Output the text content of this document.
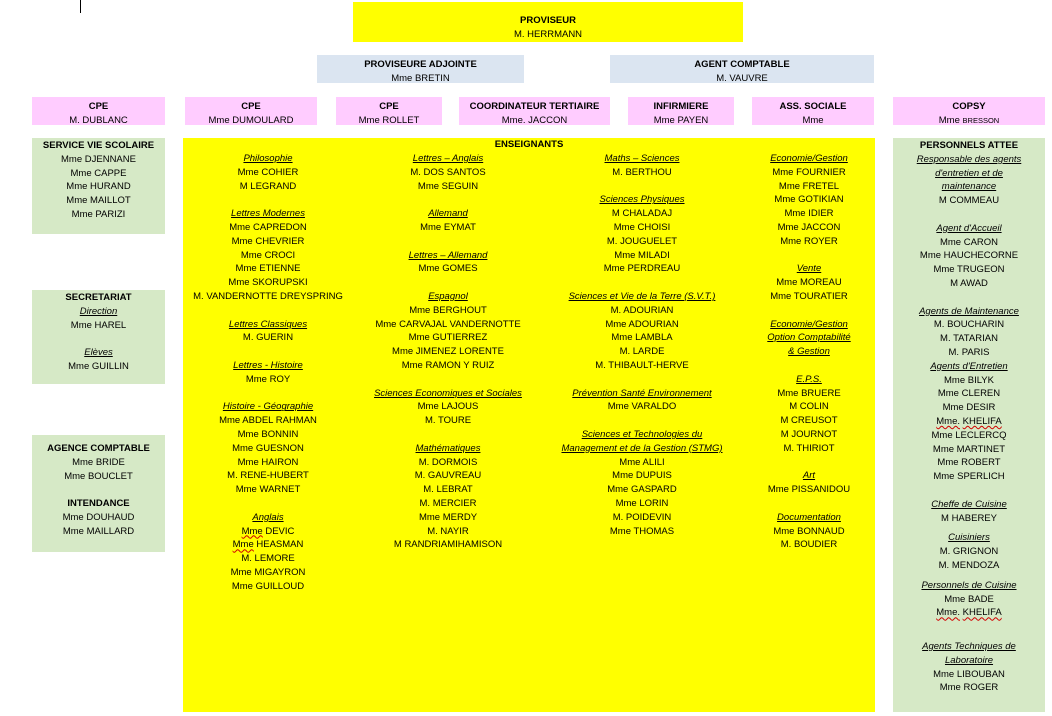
PROVISEUR
M. HERRMANN
PROVISEURE ADJOINTE
Mme BRETIN
AGENT COMPTABLE
M. VAUVRE
CPE
M. DUBLANC
CPE
Mme DUMOULARD
CPE
Mme ROLLET
COORDINATEUR TERTIAIRE
Mme. JACCON
INFIRMIERE
Mme PAYEN
ASS. SOCIALE
Mme
COPSY
Mme BRESSON
SERVICE VIE SCOLAIRE
Mme DJENNANE
Mme CAPPE
Mme HURAND
Mme MAILLOT
Mme PARIZI
SECRETARIAT
Direction
Mme HAREL
Elèves
Mme GUILLIN
AGENCE COMPTABLE
Mme BRIDE
Mme BOUCLET
INTENDANCE
Mme DOUHAUD
Mme MAILLARD
ENSEIGNANTS
Philosophie
Mme COHIER
M LEGRAND
Lettres Modernes
Mme CAPREDON
Mme CHEVRIER
Mme CROCI
Mme ETIENNE
Mme SKORUPSKI
M. VANDERNOTTE DREYSPRING
Lettres Classiques
M. GUERIN
Lettres - Histoire
Mme ROY
Histoire - Géographie
Mme ABDEL RAHMAN
Mme BONNIN
Mme GUESNON
Mme HAIRON
M. RENE-HUBERT
Mme WARNET
Anglais
Mme DEVIC
Mme HEASMAN
M. LEMORE
Mme MIGAYRON
Mme GUILLOUD
Lettres – Anglais
M. DOS SANTOS
Mme SEGUIN
Allemand
Mme EYMAT
Lettres – Allemand
Mme GOMES
Espagnol
Mme BERGHOUT
Mme CARVAJAL VANDERNOTTE
Mme GUTIERREZ
Mme JIMENEZ LORENTE
Mme RAMON Y RUIZ
Sciences Economiques et Sociales
Mme LAJOUS
M. TOURE
Mathématiques
M. DORMOIS
M. GAUVREAU
M. LEBRAT
M. MERCIER
Mme MERDY
M. NAYIR
M RANDRIAMIHAMISON
Maths – Sciences
M. BERTHOU
Sciences Physiques
M CHALADAJ
Mme CHOISI
M. JOUGUELET
Mme MILADI
Mme PERDREAU
Sciences et Vie de la Terre (S.V.T.)
M. ADOURIAN
Mme ADOURIAN
Mme LAMBLA
M. LARDE
M. THIBAULT-HERVE
Prévention Santé Environnement
Mme VARALDO
Sciences et Technologies du
Management et de la Gestion (STMG)
Mme ALILI
Mme DUPUIS
Mme GASPARD
Mme LORIN
M. POIDEVIN
Mme THOMAS
Economie/Gestion
Mme FOURNIER
Mme FRETEL
Mme GOTIKIAN
Mme IDIER
Mme JACCON
Mme ROYER
Vente
Mme MOREAU
Mme TOURATIER
Economie/Gestion
Option Comptabilité
& Gestion
E.P.S.
Mme BRUERE
M COLIN
M CREUSOT
M JOURNOT
M. THIRIOT
Art
Mme PISSANIDOU
Documentation
Mme BONNAUD
M. BOUDIER
PERSONNELS ATTEE
Responsable des agents
d'entretien et de
maintenance
M COMMEAU
Agent d'Accueil
Mme CARON
Mme HAUCHECORNE
Mme TRUGEON
M AWAD
Agents de Maintenance
M. BOUCHARIN
M. TATARIAN
M. PARIS
Agents d'Entretien
Mme BILYK
Mme CLEREN
Mme DESIR
Mme. KHELIFA
Mme LECLERCQ
Mme MARTINET
Mme ROBERT
Mme SPERLICH
Cheffe de Cuisine
M HABEREY
Cuisiniers
M. GRIGNON
M. MENDOZA
Personnels de Cuisine
Mme BADE
Mme. KHELIFA
Agents Techniques de
Laboratoire
Mme LIBOUBAN
Mme ROGER
